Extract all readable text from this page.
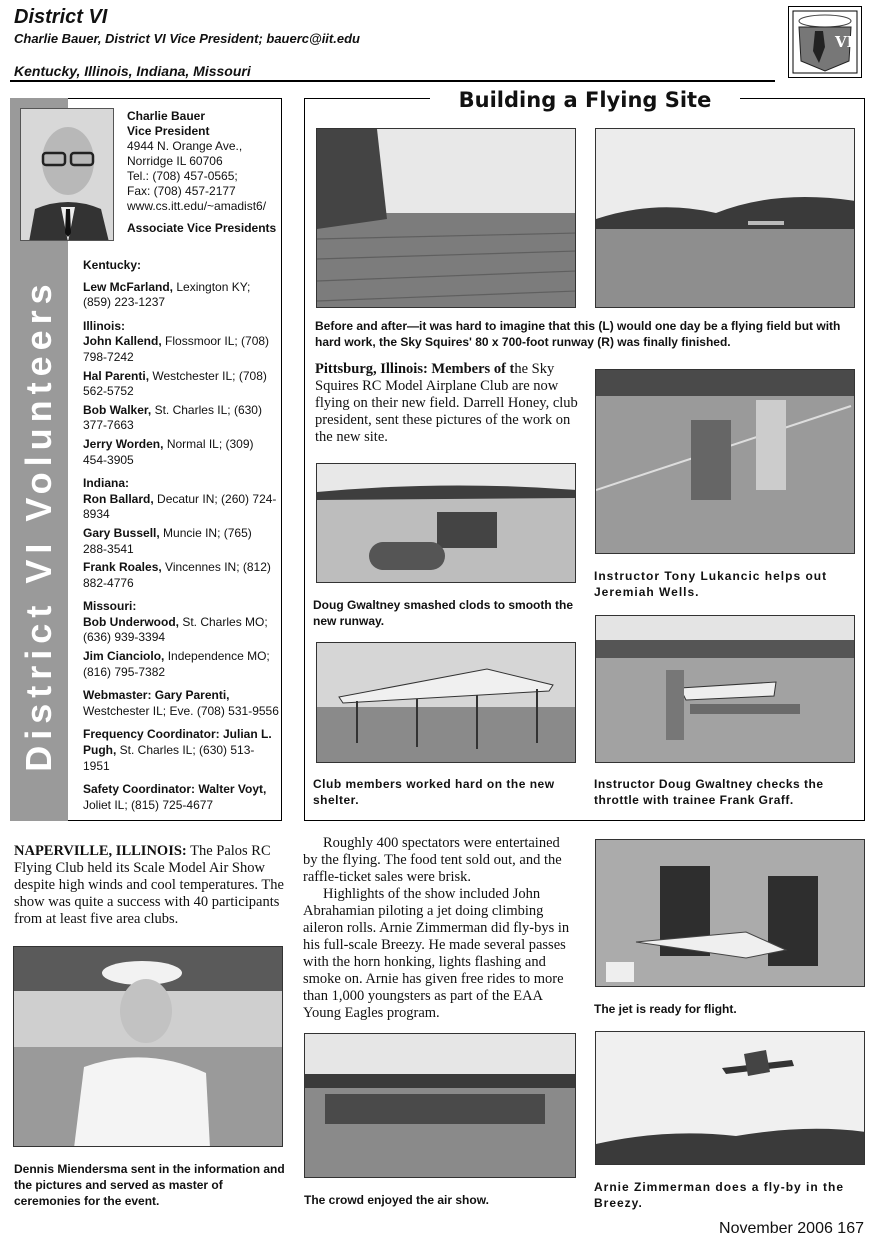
District VI
Charlie Bauer, District VI Vice President; bauerc@iit.edu
Kentucky, Illinois, Indiana, Missouri
VI
District VI Volunteers
Charlie Bauer
Vice President
4944 N. Orange Ave.,
Norridge IL 60706
Tel.: (708) 457-0565;
Fax: (708) 457-2177
www.cs.itt.edu/~amadist6/
Associate Vice Presidents
Kentucky:
Lew McFarland, Lexington KY; (859) 223-1237
Illinois:
John Kallend, Flossmoor IL; (708) 798-7242
Hal Parenti, Westchester IL; (708) 562-5752
Bob Walker, St. Charles IL; (630) 377-7663
Jerry Worden, Normal IL; (309) 454-3905
Indiana:
Ron Ballard, Decatur IN; (260) 724-8934
Gary Bussell, Muncie IN; (765) 288-3541
Frank Roales, Vincennes IN; (812) 882-4776
Missouri:
Bob Underwood, St. Charles MO; (636) 939-3394
Jim Cianciolo, Independence MO; (816) 795-7382
Webmaster: Gary Parenti, Westchester IL; Eve. (708) 531-9556
Frequency Coordinator: Julian L. Pugh, St. Charles IL; (630) 513-1951
Safety Coordinator: Walter Voyt, Joliet IL; (815) 725-4677
Building a Flying Site
Before and after—it was hard to imagine that this (L) would one day be a flying field but with hard work, the Sky Squires' 80 x 700-foot runway (R) was finally finished.
Pittsburg, Illinois: Members of the Sky Squires RC Model Airplane Club are now flying on their new field. Darrell Honey, club president, sent these pictures of the work on the new site.
Instructor Tony Lukancic helps out Jeremiah Wells.
Doug Gwaltney smashed clods to smooth the new runway.
Club members worked hard on the new shelter.
Instructor Doug Gwaltney checks the throttle with trainee Frank Graff.
NAPERVILLE, ILLINOIS: The Palos RC Flying Club held its Scale Model Air Show despite high winds and cool temperatures. The show was quite a success with 40 participants from at least five area clubs.
Roughly 400 spectators were entertained by the flying. The food tent sold out, and the raffle-ticket sales were brisk.
Highlights of the show included John Abrahamian piloting a jet doing climbing aileron rolls. Arnie Zimmerman did fly-bys in his full-scale Breezy. He made several passes with the horn honking, lights flashing and smoke on. Arnie has given free rides to more than 1,000 youngsters as part of the EAA Young Eagles program.
Dennis Miendersma sent in the information and the pictures and served as master of ceremonies for the event.	The crowd enjoyed the air show.
The jet is ready for flight.
Arnie Zimmerman does a fly-by in the Breezy.
November 2006 167
